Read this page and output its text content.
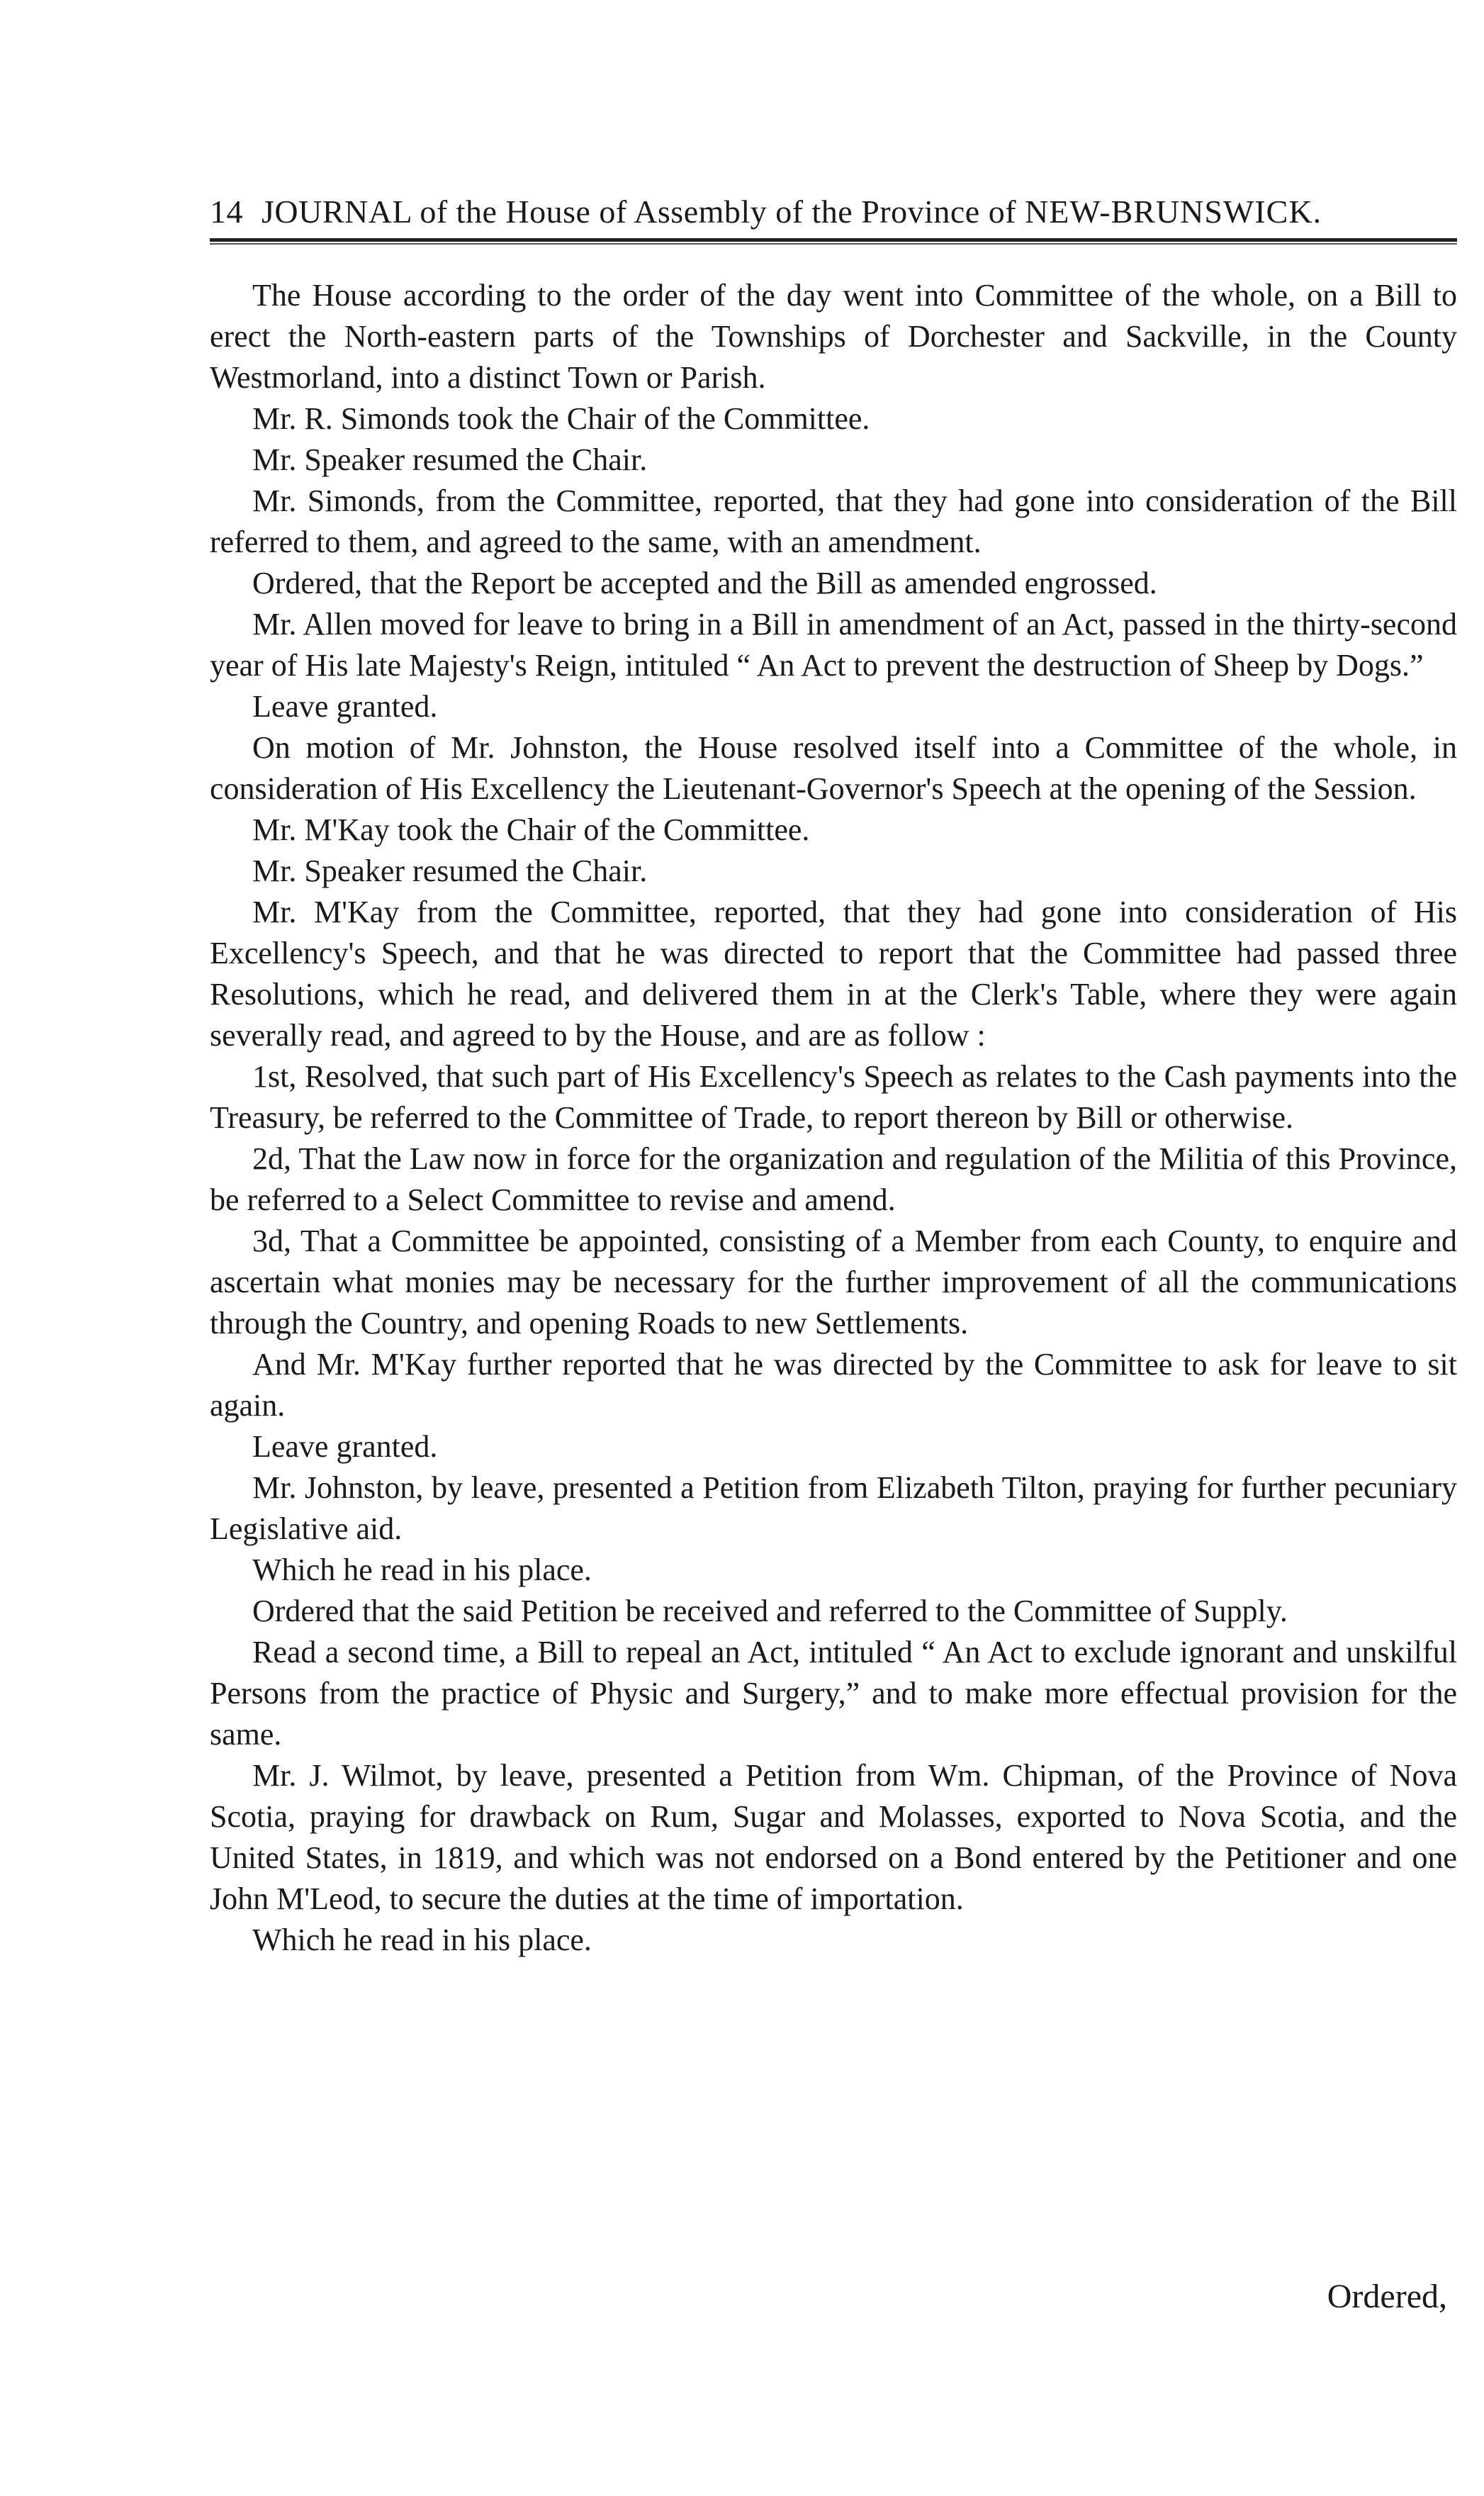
14 JOURNAL of the House of Assembly of the Province of NEW-BRUNSWICK.

The House according to the order of the day went into Committee of the whole, on a Bill to erect the North-eastern parts of the Townships of Dorchester and Sackville, in the County Westmorland, into a distinct Town or Parish.

Mr. R. Simonds took the Chair of the Committee.

Mr. Speaker resumed the Chair.

Mr. Simonds, from the Committee, reported, that they had gone into consideration of the Bill referred to them, and agreed to the same, with an amendment.

Ordered, that the Report be accepted and the Bill as amended engrossed.

Mr. Allen moved for leave to bring in a Bill in amendment of an Act, passed in the thirty-second year of His late Majesty's Reign, intituled “ An Act to prevent the destruction of Sheep by Dogs.”

Leave granted.

On motion of Mr. Johnston, the House resolved itself into a Committee of the whole, in consideration of His Excellency the Lieutenant-Governor's Speech at the opening of the Session.

Mr. M'Kay took the Chair of the Committee.

Mr. Speaker resumed the Chair.

Mr. M'Kay from the Committee, reported, that they had gone into consideration of His Excellency's Speech, and that he was directed to report that the Committee had passed three Resolutions, which he read, and delivered them in at the Clerk's Table, where they were again severally read, and agreed to by the House, and are as follow :

1st, Resolved, that such part of His Excellency's Speech as relates to the Cash payments into the Treasury, be referred to the Committee of Trade, to report thereon by Bill or otherwise.

2d, That the Law now in force for the organization and regulation of the Militia of this Province, be referred to a Select Committee to revise and amend.

3d, That a Committee be appointed, consisting of a Member from each County, to enquire and ascertain what monies may be necessary for the further improvement of all the communications through the Country, and opening Roads to new Settlements.

And Mr. M'Kay further reported that he was directed by the Committee to ask for leave to sit again.

Leave granted.

Mr. Johnston, by leave, presented a Petition from Elizabeth Tilton, praying for further pecuniary Legislative aid.

Which he read in his place.

Ordered that the said Petition be received and referred to the Committee of Supply.

Read a second time, a Bill to repeal an Act, intituled “ An Act to exclude ignorant and unskilful Persons from the practice of Physic and Surgery,” and to make more effectual provision for the same.

Mr. J. Wilmot, by leave, presented a Petition from Wm. Chipman, of the Province of Nova Scotia, praying for drawback on Rum, Sugar and Molasses, exported to Nova Scotia, and the United States, in 1819, and which was not endorsed on a Bond entered by the Petitioner and one John M'Leod, to secure the duties at the time of importation.

Which he read in his place.

Ordered,
